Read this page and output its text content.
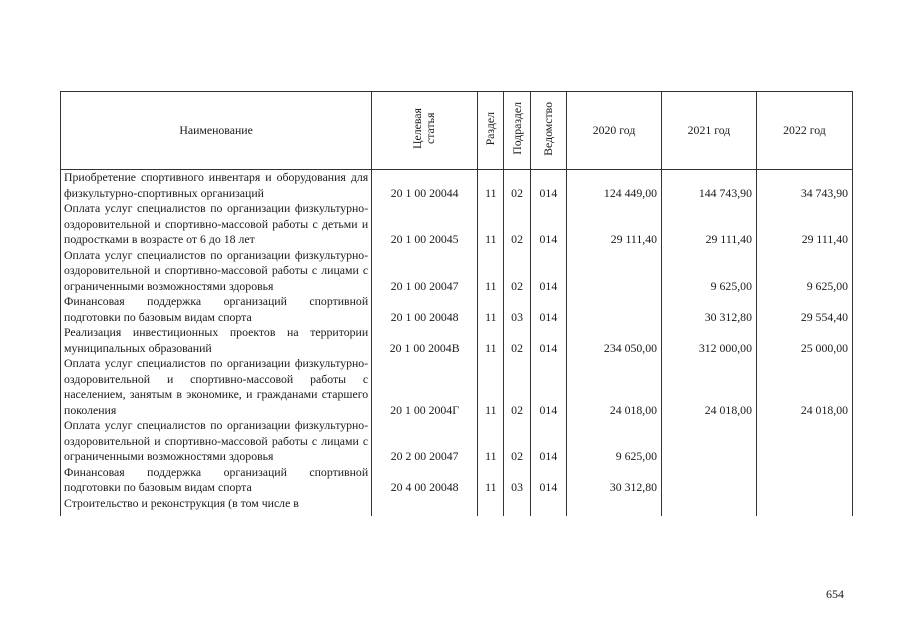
Наименование	Целевая статья	Раздел	Подраздел	Ведомство	2020 год	2021 год	2022 год
Приобретение спортивного инвентаря и оборудования для физкультурно-спортивных организаций	20 1 00 20044	11	02	014	124 449,00	144 743,90	34 743,90
Оплата услуг специалистов по организации физкультурно-оздоровительной и спортивно-массовой работы с детьми и подростками в возрасте от 6 до 18 лет	20 1 00 20045	11	02	014	29 111,40	29 111,40	29 111,40
Оплата услуг специалистов по организации физкультурно-оздоровительной и спортивно-массовой работы с лицами с ограниченными возможностями здоровья	20 1 00 20047	11	02	014		9 625,00	9 625,00
Финансовая поддержка организаций спортивной подготовки по базовым видам спорта	20 1 00 20048	11	03	014		30 312,80	29 554,40
Реализация инвестиционных проектов на территории муниципальных образований	20 1 00 2004B	11	02	014	234 050,00	312 000,00	25 000,00
Оплата услуг специалистов по организации физкультурно-оздоровительной и спортивно-массовой работы с населением, занятым в экономике, и гражданами старшего поколения	20 1 00 2004Г	11	02	014	24 018,00	24 018,00	24 018,00
Оплата услуг специалистов по организации физкультурно-оздоровительной и спортивно-массовой работы с лицами с ограниченными возможностями здоровья	20 2 00 20047	11	02	014	9 625,00		
Финансовая поддержка организаций спортивной подготовки по базовым видам спорта	20 4 00 20048	11	03	014	30 312,80		
Строительство и реконструкция (в том числе в							
654
